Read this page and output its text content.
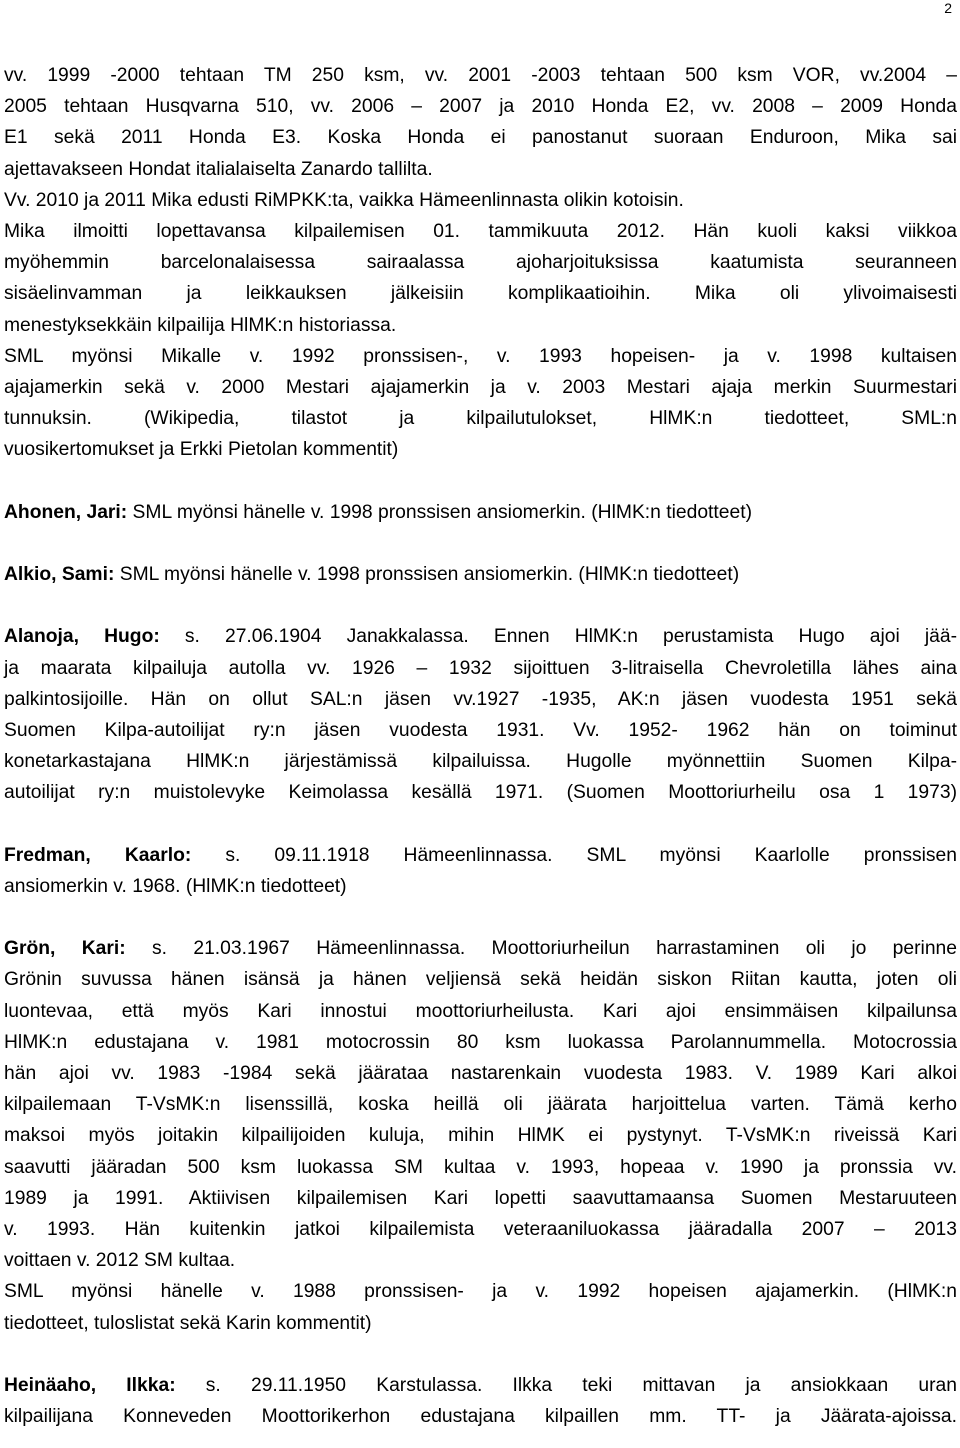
2
vv. 1999 -2000 tehtaan TM 250 ksm, vv. 2001 -2003 tehtaan 500 ksm VOR, vv.2004 –
2005 tehtaan Husqvarna 510, vv. 2006 – 2007 ja 2010 Honda E2, vv. 2008 – 2009 Honda
E1 sekä 2011 Honda E3. Koska Honda ei panostanut suoraan Enduroon, Mika sai
ajettavakseen Hondat italialaiselta Zanardo tallilta.
Vv. 2010 ja 2011 Mika edusti RiMPKK:ta, vaikka Hämeenlinnasta olikin kotoisin.
Mika ilmoitti lopettavansa kilpailemisen 01. tammikuuta 2012. Hän kuoli kaksi viikkoa
myöhemmin barcelonalaisessa sairaalassa ajoharjoituksissa kaatumista seuranneen
sisäelinvamman ja leikkauksen jälkeisiin komplikaatioihin. Mika oli ylivoimaisesti
menestyksekkäin kilpailija HlMK:n historiassa.
SML myönsi Mikalle v. 1992 pronssisen-, v. 1993 hopeisen- ja v. 1998 kultaisen
ajajamerkin sekä v. 2000 Mestari ajajamerkin ja v. 2003 Mestari ajaja merkin Suurmestari
tunnuksin. (Wikipedia, tilastot ja kilpailutulokset, HlMK:n tiedotteet, SML:n
vuosikertomukset ja Erkki Pietolan kommentit)
Ahonen, Jari: SML myönsi hänelle v. 1998 pronssisen ansiomerkin. (HlMK:n tiedotteet)
Alkio, Sami: SML myönsi hänelle v. 1998 pronssisen ansiomerkin. (HlMK:n tiedotteet)
Alanoja, Hugo: s. 27.06.1904 Janakkalassa. Ennen HlMK:n perustamista Hugo ajoi jää-
ja maarata kilpailuja autolla vv. 1926 – 1932 sijoittuen 3-litraisella Chevroletilla lähes aina
palkintosijoille. Hän on ollut SAL:n jäsen vv.1927 -1935, AK:n jäsen vuodesta 1951 sekä
Suomen Kilpa-autoilijat ry:n jäsen vuodesta 1931. Vv. 1952- 1962 hän on toiminut
konetarkastajana HlMK:n järjestämissä kilpailuissa. Hugolle myönnettiin Suomen Kilpa-
autoilijat ry:n muistolevyke Keimolassa kesällä 1971. (Suomen Moottoriurheilu osa 1 1973)
Fredman, Kaarlo: s. 09.11.1918 Hämeenlinnassa. SML myönsi Kaarlolle pronssisen
ansiomerkin v. 1968. (HlMK:n tiedotteet)
Grön, Kari: s. 21.03.1967 Hämeenlinnassa. Moottoriurheilun harrastaminen oli jo perinne
Grönin suvussa hänen isänsä ja hänen veljiensä sekä heidän siskon Riitan kautta, joten oli
luontevaa, että myös Kari innostui moottoriurheilusta. Kari ajoi ensimmäisen kilpailunsa
HlMK:n edustajana v. 1981 motocrossin 80 ksm luokassa Parolannummella. Motocrossia
hän ajoi vv. 1983 -1984 sekä jäärataa nastarenkain vuodesta 1983. V. 1989 Kari alkoi
kilpailemaan T-VsMK:n lisenssillä, koska heillä oli jäärata harjoittelua varten. Tämä kerho
maksoi myös joitakin kilpailijoiden kuluja, mihin HlMK ei pystynyt. T-VsMK:n riveissä Kari
saavutti jääradan 500 ksm luokassa SM kultaa v. 1993, hopeaa v. 1990 ja pronssia vv.
1989 ja 1991. Aktiivisen kilpailemisen Kari lopetti saavuttamaansa Suomen Mestaruuteen
v. 1993. Hän kuitenkin jatkoi kilpailemista veteraaniluokassa jääradalla 2007 – 2013
voittaen v. 2012 SM kultaa.
SML myönsi hänelle v. 1988 pronssisen- ja v. 1992 hopeisen ajajamerkin. (HlMK:n
tiedotteet, tuloslistat sekä Karin kommentit)
Heinäaho, Ilkka: s. 29.11.1950 Karstulassa. Ilkka teki mittavan ja ansiokkaan uran
kilpailijana Konneveden Moottorikerhon edustajana kilpaillen mm. TT- ja Jäärata-ajoissa.
